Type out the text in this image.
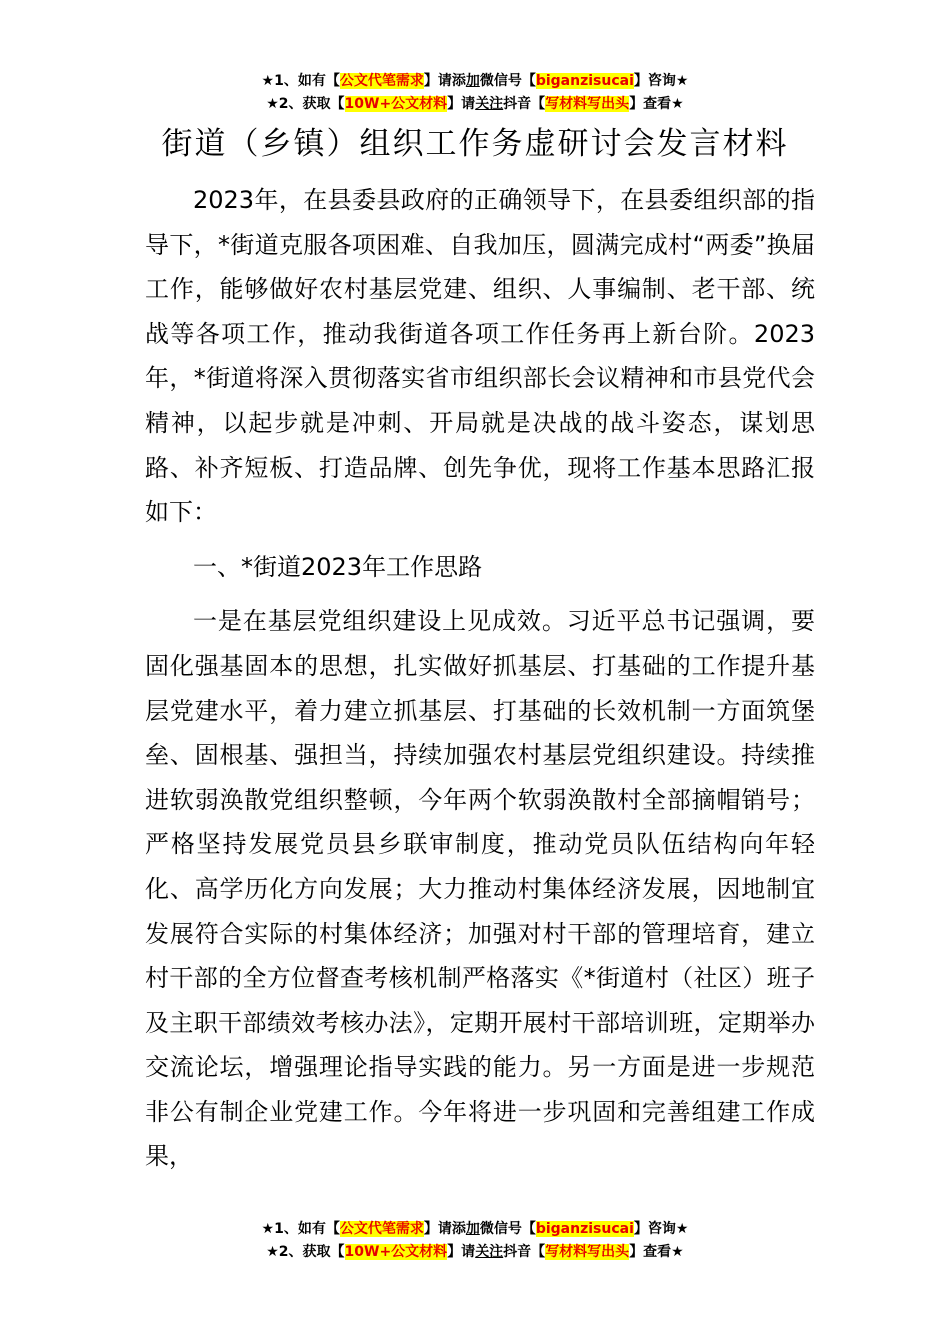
★1、如有【公文代笔需求】请添加微信号【biganzisucai】咨询★
★2、获取【10W+公文材料】请关注抖音【写材料写出头】查看★
街道（乡镇）组织工作务虚研讨会发言材料

2023年，在县委县政府的正确领导下，在县委组织部的指导下，*街道克服各项困难、自我加压，圆满完成村“两委”换届工作，能够做好农村基层党建、组织、人事编制、老干部、统战等各项工作，推动我街道各项工作任务再上新台阶。2023年，*街道将深入贯彻落实省市组织部长会议精神和市县党代会精神，以起步就是冲刺、开局就是决战的战斗姿态，谋划思路、补齐短板、打造品牌、创先争优，现将工作基本思路汇报如下：

一、*街道2023年工作思路

一是在基层党组织建设上见成效。习近平总书记强调，要固化强基固本的思想，扎实做好抓基层、打基础的工作提升基层党建水平，着力建立抓基层、打基础的长效机制一方面筑堡垒、固根基、强担当，持续加强农村基层党组织建设。持续推进软弱涣散党组织整顿，今年两个软弱涣散村全部摘帽销号；严格坚持发展党员县乡联审制度，推动党员队伍结构向年轻化、高学历化方向发展；大力推动村集体经济发展，因地制宜发展符合实际的村集体经济；加强对村干部的管理培育，建立村干部的全方位督查考核机制严格落实《*街道村（社区）班子及主职干部绩效考核办法》，定期开展村干部培训班，定期举办交流论坛，增强理论指导实践的能力。另一方面是进一步规范非公有制企业党建工作。今年将进一步巩固和完善组建工作成果，

★1、如有【公文代笔需求】请添加微信号【biganzisucai】咨询★
★2、获取【10W+公文材料】请关注抖音【写材料写出头】查看★
